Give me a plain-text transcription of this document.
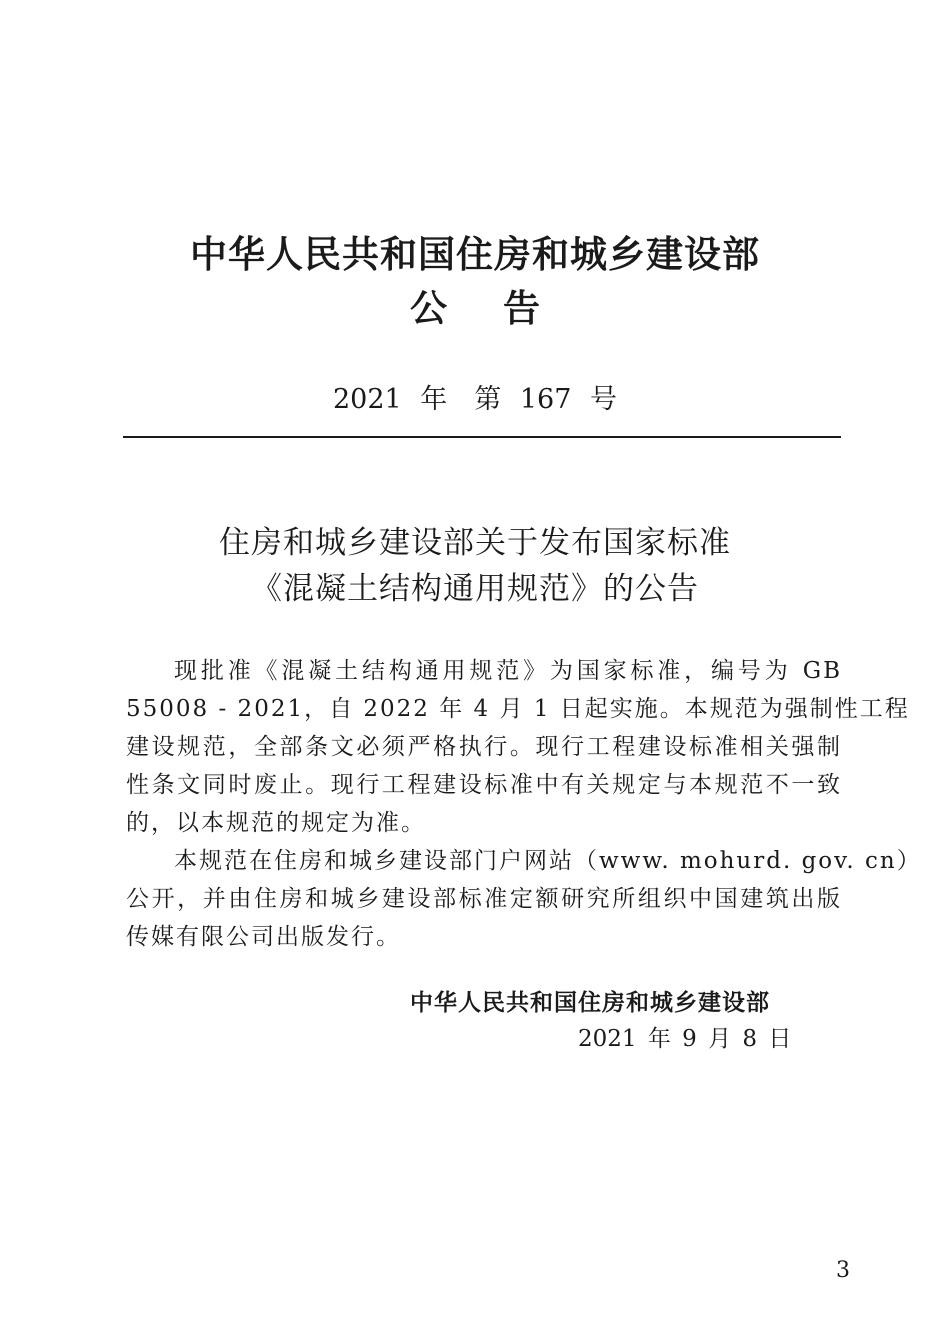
中华人民共和国住房和城乡建设部
公告
2021 年　第 167 号
住房和城乡建设部关于发布国家标准
《混凝土结构通用规范》的公告
现批准《混凝土结构通用规范》为国家标准，编号为 GB
55008 - 2021，自 2022 年 4 月 1 日起实施。本规范为强制性工程
建设规范，全部条文必须严格执行。现行工程建设标准相关强制
性条文同时废止。现行工程建设标准中有关规定与本规范不一致
的，以本规范的规定为准。
本规范在住房和城乡建设部门户网站（www. mohurd. gov. cn）
公开，并由住房和城乡建设部标准定额研究所组织中国建筑出版
传媒有限公司出版发行。
中华人民共和国住房和城乡建设部
2021 年 9 月 8 日
3
